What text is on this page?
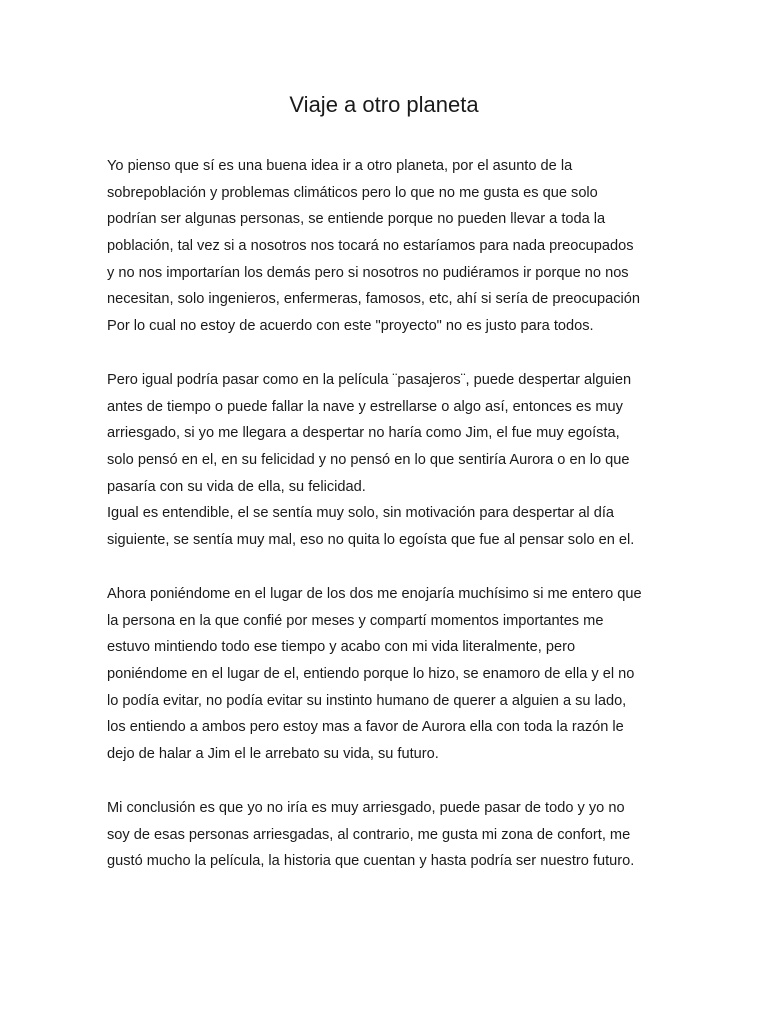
Viaje a otro planeta
Yo pienso que sí es una buena idea ir a otro planeta, por el asunto de la
sobrepoblación y problemas climáticos pero lo que no me gusta es que solo
podrían ser algunas personas, se entiende porque no pueden llevar a toda la
población, tal vez si a nosotros nos tocará no estaríamos para nada preocupados
y no nos importarían los demás pero si nosotros no pudiéramos ir porque no nos
necesitan, solo ingenieros, enfermeras, famosos, etc, ahí si sería de preocupación
Por lo cual no estoy de acuerdo con este "proyecto" no es justo para todos.
Pero igual podría pasar como en la película ¨pasajeros¨, puede despertar alguien
antes de tiempo o puede fallar la nave y estrellarse o algo así, entonces es muy
arriesgado, si yo me llegara a despertar no haría como Jim, el fue muy egoísta,
solo pensó en el, en su felicidad y no pensó en lo que sentiría Aurora o en lo que
pasaría con su vida de ella, su felicidad.
Igual es entendible, el se sentía muy solo, sin motivación para despertar al día
siguiente, se sentía muy mal, eso no quita lo egoísta que fue al pensar solo en el.
Ahora poniéndome en el lugar de los dos me enojaría muchísimo si me entero que
la persona en la que confié por meses y compartí momentos importantes me
estuvo mintiendo todo ese tiempo y acabo con mi vida literalmente, pero
poniéndome en el lugar de el, entiendo porque lo hizo, se enamoro de ella y el no
lo podía evitar, no podía evitar su instinto humano de querer a alguien a su lado,
los entiendo a ambos pero estoy mas a favor de Aurora ella con toda la razón le
dejo de halar a Jim el le arrebato su vida, su futuro.
Mi conclusión es que yo no iría es muy arriesgado, puede pasar de todo y yo no
soy de esas personas arriesgadas, al contrario, me gusta mi zona de confort, me
gustó mucho la película, la historia que cuentan y hasta podría ser nuestro futuro.
